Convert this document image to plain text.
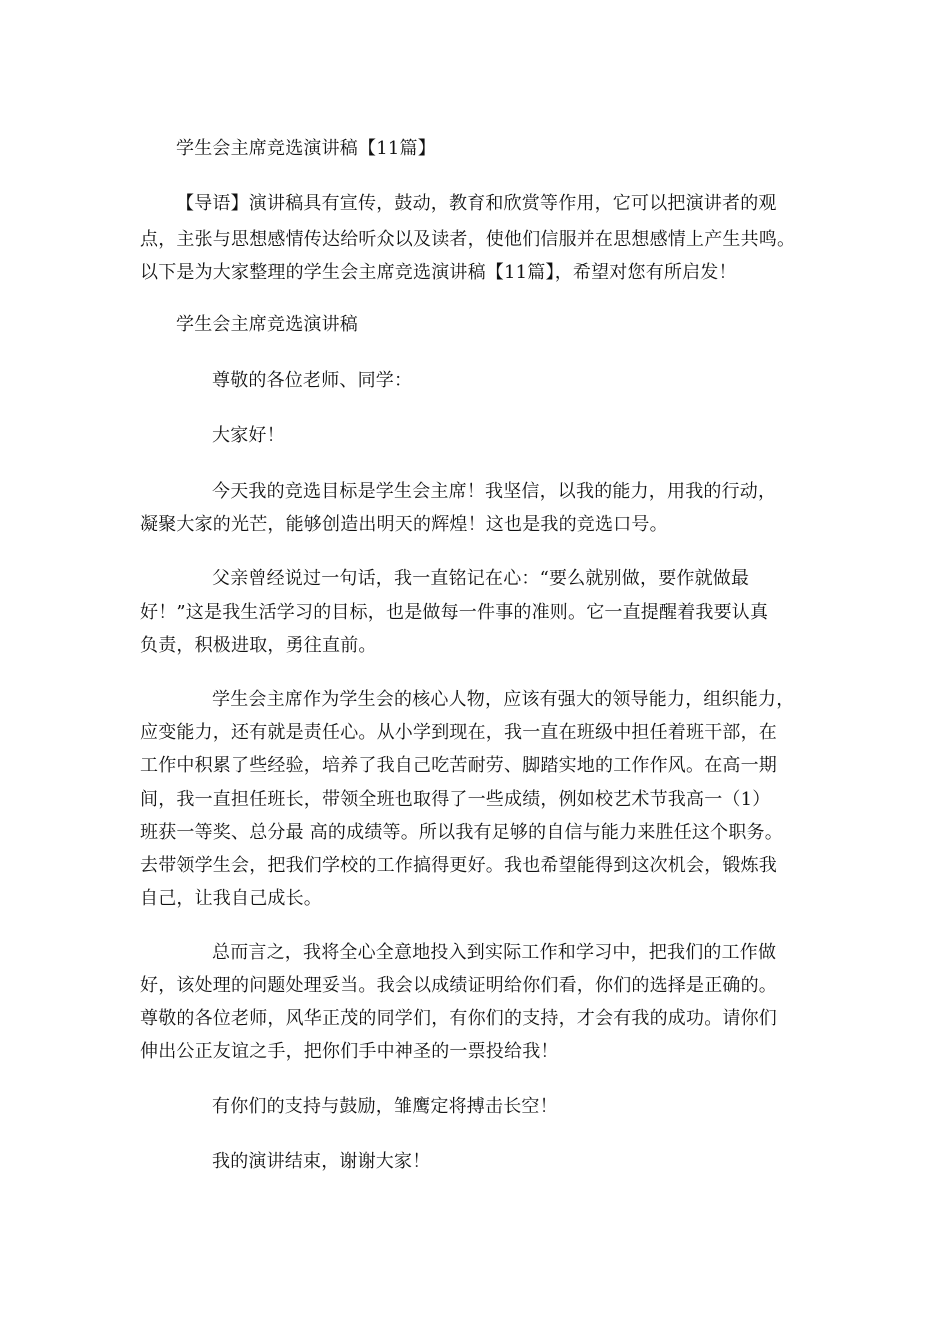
学生会主席竞选演讲稿【11篇】
【导语】演讲稿具有宣传，鼓动，教育和欣赏等作用，它可以把演讲者的观
点，主张与思想感情传达给听众以及读者，使他们信服并在思想感情上产生共鸣。
以下是为大家整理的学生会主席竞选演讲稿【11篇】，希望对您有所启发！
学生会主席竞选演讲稿
尊敬的各位老师、同学：
大家好！
今天我的竞选目标是学生会主席！我坚信，以我的能力，用我的行动，
凝聚大家的光芒，能够创造出明天的辉煌！这也是我的竞选口号。
父亲曾经说过一句话，我一直铭记在心：“要么就别做，要作就做最
好！”这是我生活学习的目标，也是做每一件事的准则。它一直提醒着我要认真
负责，积极进取，勇往直前。
学生会主席作为学生会的核心人物，应该有强大的领导能力，组织能力，
应变能力，还有就是责任心。从小学到现在，我一直在班级中担任着班干部，在
工作中积累了些经验，培养了我自己吃苦耐劳、脚踏实地的工作作风。在高一期
间，我一直担任班长，带领全班也取得了一些成绩，例如校艺术节我高一（1）
班获一等奖、总分最 高的成绩等。所以我有足够的自信与能力来胜任这个职务。
去带领学生会，把我们学校的工作搞得更好。我也希望能得到这次机会，锻炼我
自己，让我自己成长。
总而言之，我将全心全意地投入到实际工作和学习中，把我们的工作做
好，该处理的问题处理妥当。我会以成绩证明给你们看，你们的选择是正确的。
尊敬的各位老师，风华正茂的同学们，有你们的支持，才会有我的成功。请你们
伸出公正友谊之手，把你们手中神圣的一票投给我！
有你们的支持与鼓励，雏鹰定将搏击长空！
我的演讲结束，谢谢大家！
